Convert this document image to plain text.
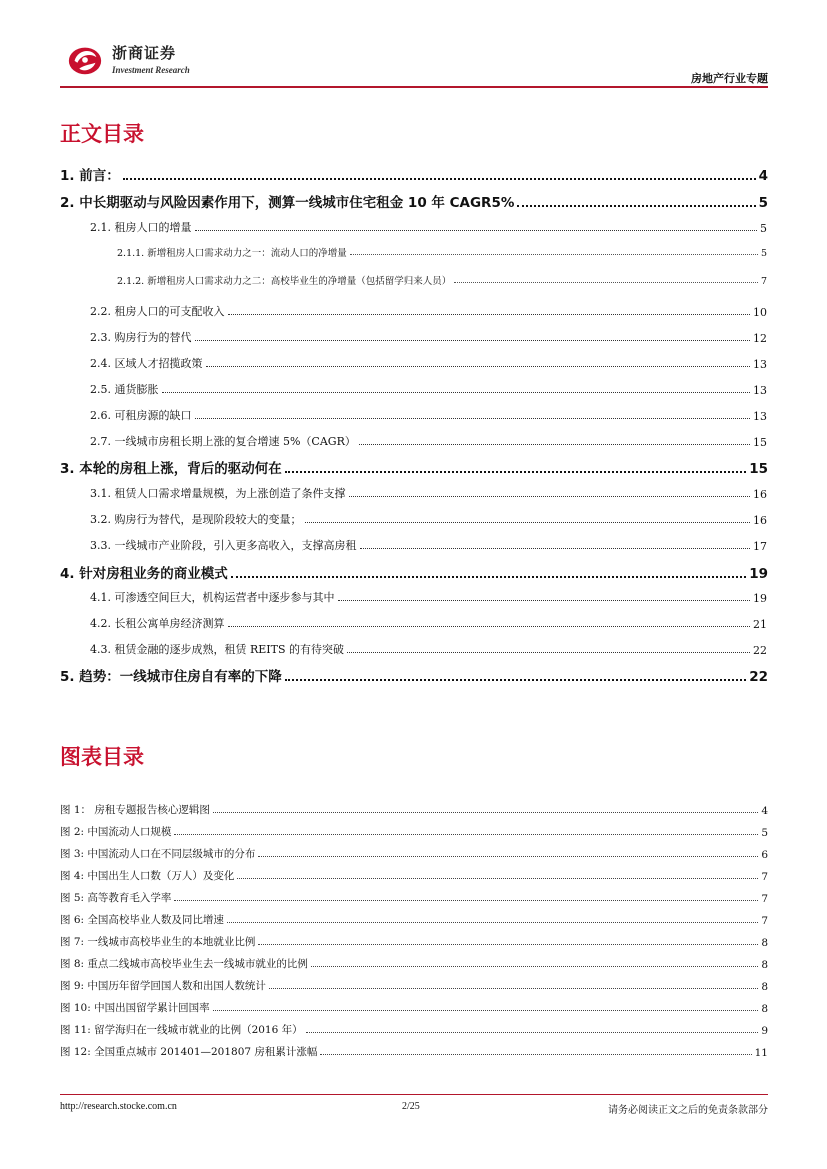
浙商证券
Investment Research
房地产行业专题
正文目录
1. 前言：	4
2. 中长期驱动与风险因素作用下，测算一线城市住宅租金 10 年 CAGR5%	5
2.1. 租房人口的增量	5
2.1.1. 新增租房人口需求动力之一：流动人口的净增量	5
2.1.2. 新增租房人口需求动力之二：高校毕业生的净增量（包括留学归来人员）	7
2.2. 租房人口的可支配收入	10
2.3. 购房行为的替代	12
2.4. 区域人才招揽政策	13
2.5. 通货膨胀	13
2.6. 可租房源的缺口	13
2.7. 一线城市房租长期上涨的复合增速 5%（CAGR）	15
3. 本轮的房租上涨，背后的驱动何在	15
3.1. 租赁人口需求增量规模，为上涨创造了条件支撑	16
3.2. 购房行为替代，是现阶段较大的变量；	16
3.3. 一线城市产业阶段，引入更多高收入，支撑高房租	17
4. 针对房租业务的商业模式	19
4.1. 可渗透空间巨大，机构运营者中逐步参与其中	19
4.2. 长租公寓单房经济测算	21
4.3. 租赁金融的逐步成熟，租赁 REITS 的有待突破	22
5. 趋势：一线城市住房自有率的下降	22
图表目录
图 1： 房租专题报告核心逻辑图	4
图 2: 中国流动人口规模	5
图 3: 中国流动人口在不同层级城市的分布	6
图 4: 中国出生人口数（万人）及变化	7
图 5: 高等教育毛入学率	7
图 6: 全国高校毕业人数及同比增速	7
图 7: 一线城市高校毕业生的本地就业比例	8
图 8: 重点二线城市高校毕业生去一线城市就业的比例	8
图 9: 中国历年留学回国人数和出国人数统计	8
图 10: 中国出国留学累计回国率	8
图 11: 留学海归在一线城市就业的比例（2016 年）	9
图 12: 全国重点城市 201401—201807 房租累计涨幅	11
http://research.stocke.com.cn	2/25	请务必阅读正文之后的免责条款部分
